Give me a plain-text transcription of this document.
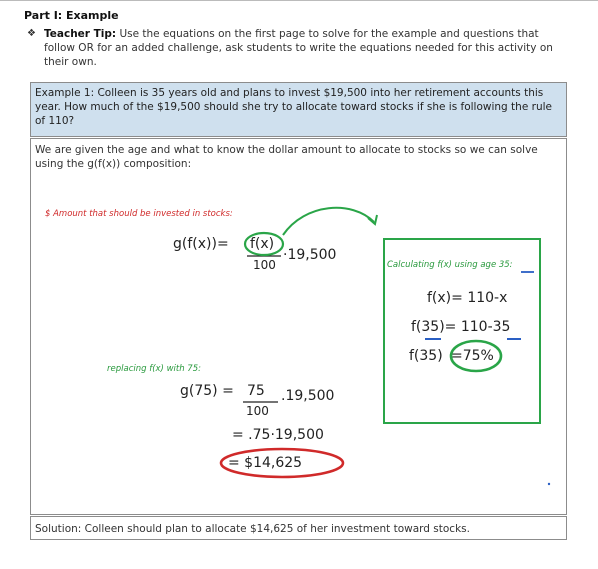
Part I: Example
❖ Teacher Tip: Use the equations on the first page to solve for the example and questions that follow OR for an added challenge, ask students to write the equations needed for this activity on their own.
Example 1: Colleen is 35 years old and plans to invest $19,500 into her retirement accounts this year. How much of the $19,500 should she try to allocate toward stocks if she is following the rule of 110?
We are given the age and what to know the dollar amount to allocate to stocks so we can solve using the g(f(x)) composition:
$ Amount that should be invested in stocks:
g(f(x))= f(x)
100
·19,500
Calculating f(x) using age 35:
f(x)= 110-x
f(35)= 110-35
f(35) =75%
replacing f(x) with 75:
g(75) = 75
100
.19,500
= .75·19,500
= $14,625
Solution: Colleen should plan to allocate $14,625 of her investment toward stocks.
